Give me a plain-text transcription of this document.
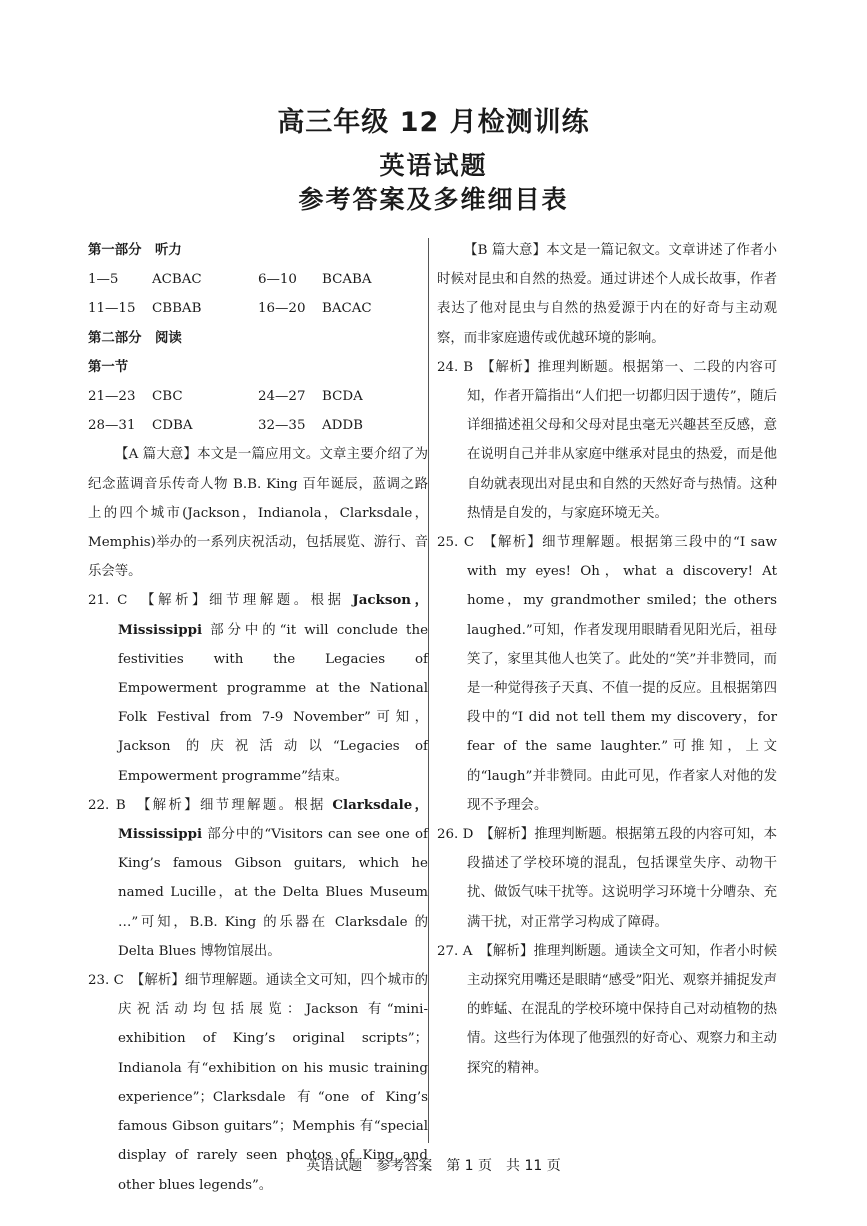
高三年级 12 月检测训练
英语试题
参考答案及多维细目表
第一部分　听力
1—5	ACBAC	6—10	BCABA
11—15	CBBAB	16—20	BACAC
第二部分　阅读
第一节
21—23	CBC	24—27	BCDA
28—31	CDBA	32—35	ADDB
【A 篇大意】本文是一篇应用文。文章主要介绍了为纪念蓝调音乐传奇人物 B.B. King 百年诞辰，蓝调之路上的四个城市(Jackson，Indianola，Clarksdale，Memphis)举办的一系列庆祝活动，包括展览、游行、音乐会等。
21. C　【解析】细节理解题。根据 Jackson，Mississippi 部分中的“it will conclude the festivities with the Legacies of Empowerment programme at the National Folk Festival from 7-9 November”可知，Jackson 的庆祝活动以“Legacies of Empowerment programme”结束。
22. B　【解析】细节理解题。根据 Clarksdale，Mississippi 部分中的“Visitors can see one of King’s famous Gibson guitars, which he named Lucille，at the Delta Blues Museum …”可知，B.B. King 的乐器在 Clarksdale 的 Delta Blues 博物馆展出。
23. C　【解析】细节理解题。通读全文可知，四个城市的庆祝活动均包括展览：Jackson 有“mini-exhibition of King’s original scripts”；Indianola 有“exhibition on his music training experience”；Clarksdale 有“one of King’s famous Gibson guitars”；Memphis 有“special display of rarely seen photos of King and other blues legends”。
【B 篇大意】本文是一篇记叙文。文章讲述了作者小时候对昆虫和自然的热爱。通过讲述个人成长故事，作者表达了他对昆虫与自然的热爱源于内在的好奇与主动观察，而非家庭遗传或优越环境的影响。
24. B　【解析】推理判断题。根据第一、二段的内容可知，作者开篇指出“人们把一切都归因于遗传”，随后详细描述祖父母和父母对昆虫毫无兴趣甚至反感，意在说明自己并非从家庭中继承对昆虫的热爱，而是他自幼就表现出对昆虫和自然的天然好奇与热情。这种热情是自发的，与家庭环境无关。
25. C　【解析】细节理解题。根据第三段中的“I saw with my eyes! Oh，what a discovery! At home，my grandmother smiled；the others laughed.”可知，作者发现用眼睛看见阳光后，祖母笑了，家里其他人也笑了。此处的“笑”并非赞同，而是一种觉得孩子天真、不值一提的反应。且根据第四段中的“I did not tell them my discovery，for fear of the same laughter.”可推知，上文的“laugh”并非赞同。由此可见，作者家人对他的发现不予理会。
26. D　【解析】推理判断题。根据第五段的内容可知，本段描述了学校环境的混乱，包括课堂失序、动物干扰、做饭气味干扰等。这说明学习环境十分嘈杂、充满干扰，对正常学习构成了障碍。
27. A　【解析】推理判断题。通读全文可知，作者小时候主动探究用嘴还是眼睛“感受”阳光、观察并捕捉发声的蚱蜢、在混乱的学校环境中保持自己对动植物的热情。这些行为体现了他强烈的好奇心、观察力和主动探究的精神。
英语试题　参考答案　第 1 页　共 11 页
